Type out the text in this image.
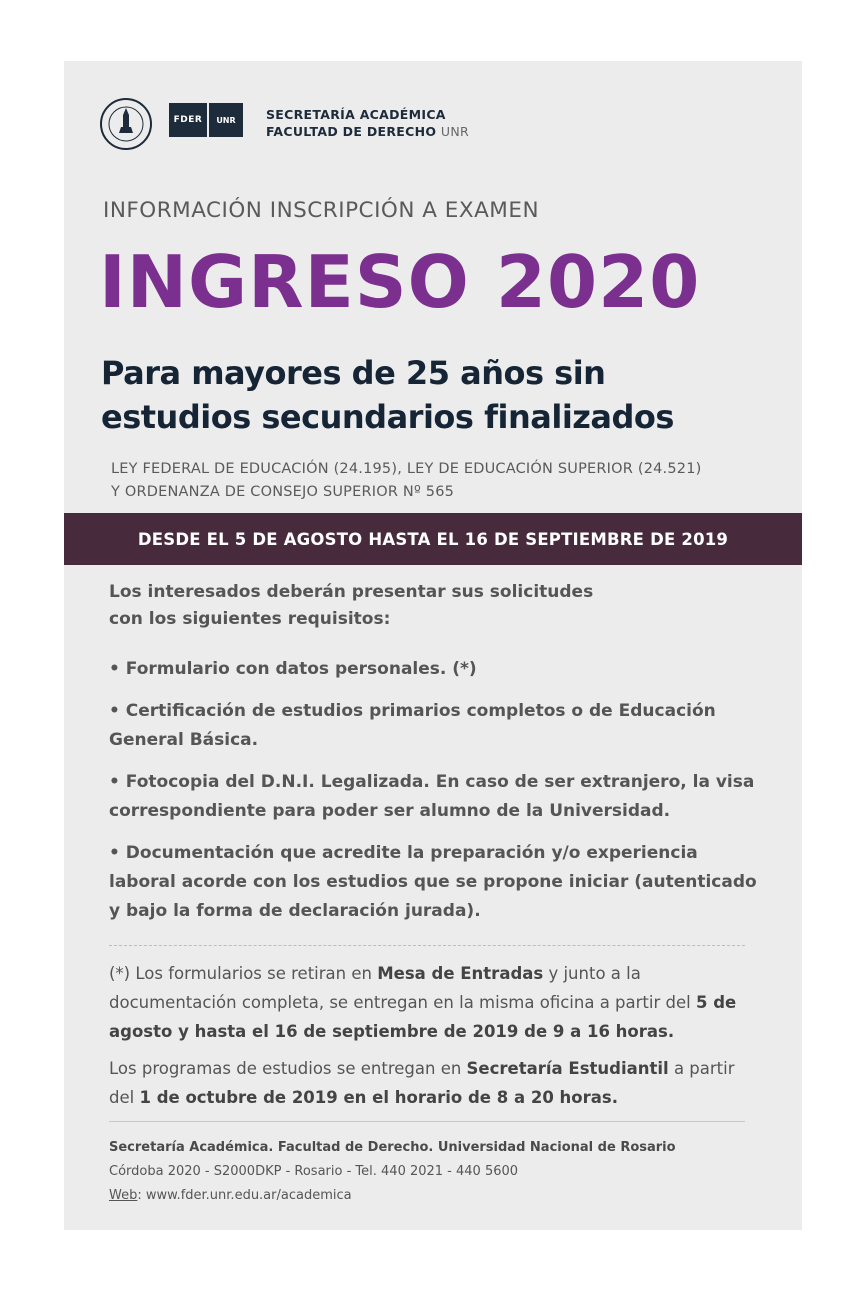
FDER	UNR	SECRETARÍA ACADÉMICA
FACULTAD DE DERECHO UNR
INFORMACIÓN INSCRIPCIÓN A EXAMEN
INGRESO 2020
Para mayores de 25 años sin
estudios secundarios finalizados
LEY FEDERAL DE EDUCACIÓN (24.195), LEY DE EDUCACIÓN SUPERIOR (24.521)
Y ORDENANZA DE CONSEJO SUPERIOR Nº 565
DESDE EL 5 DE AGOSTO HASTA EL 16 DE SEPTIEMBRE DE 2019
Los interesados deberán presentar sus solicitudes
con los siguientes requisitos:
• Formulario con datos personales. (*)
• Certificación de estudios primarios completos o de Educación General Básica.
• Fotocopia del D.N.I. Legalizada. En caso de ser extranjero, la visa correspondiente para poder ser alumno de la Universidad.
• Documentación que acredite la preparación y/o experiencia laboral acorde con los estudios que se propone iniciar (autenticado y bajo la forma de declaración jurada).

(*) Los formularios se retiran en Mesa de Entradas y junto a la documentación completa, se entregan en la misma oficina a partir del 5 de agosto y hasta el 16 de septiembre de 2019 de 9 a 16 horas.

Los programas de estudios se entregan en Secretaría Estudiantil a partir del 1 de octubre de 2019 en el horario de 8 a 20 horas.

Secretaría Académica. Facultad de Derecho. Universidad Nacional de Rosario
Córdoba 2020 - S2000DKP - Rosario - Tel. 440 2021 - 440 5600
Web: www.fder.unr.edu.ar/academica
